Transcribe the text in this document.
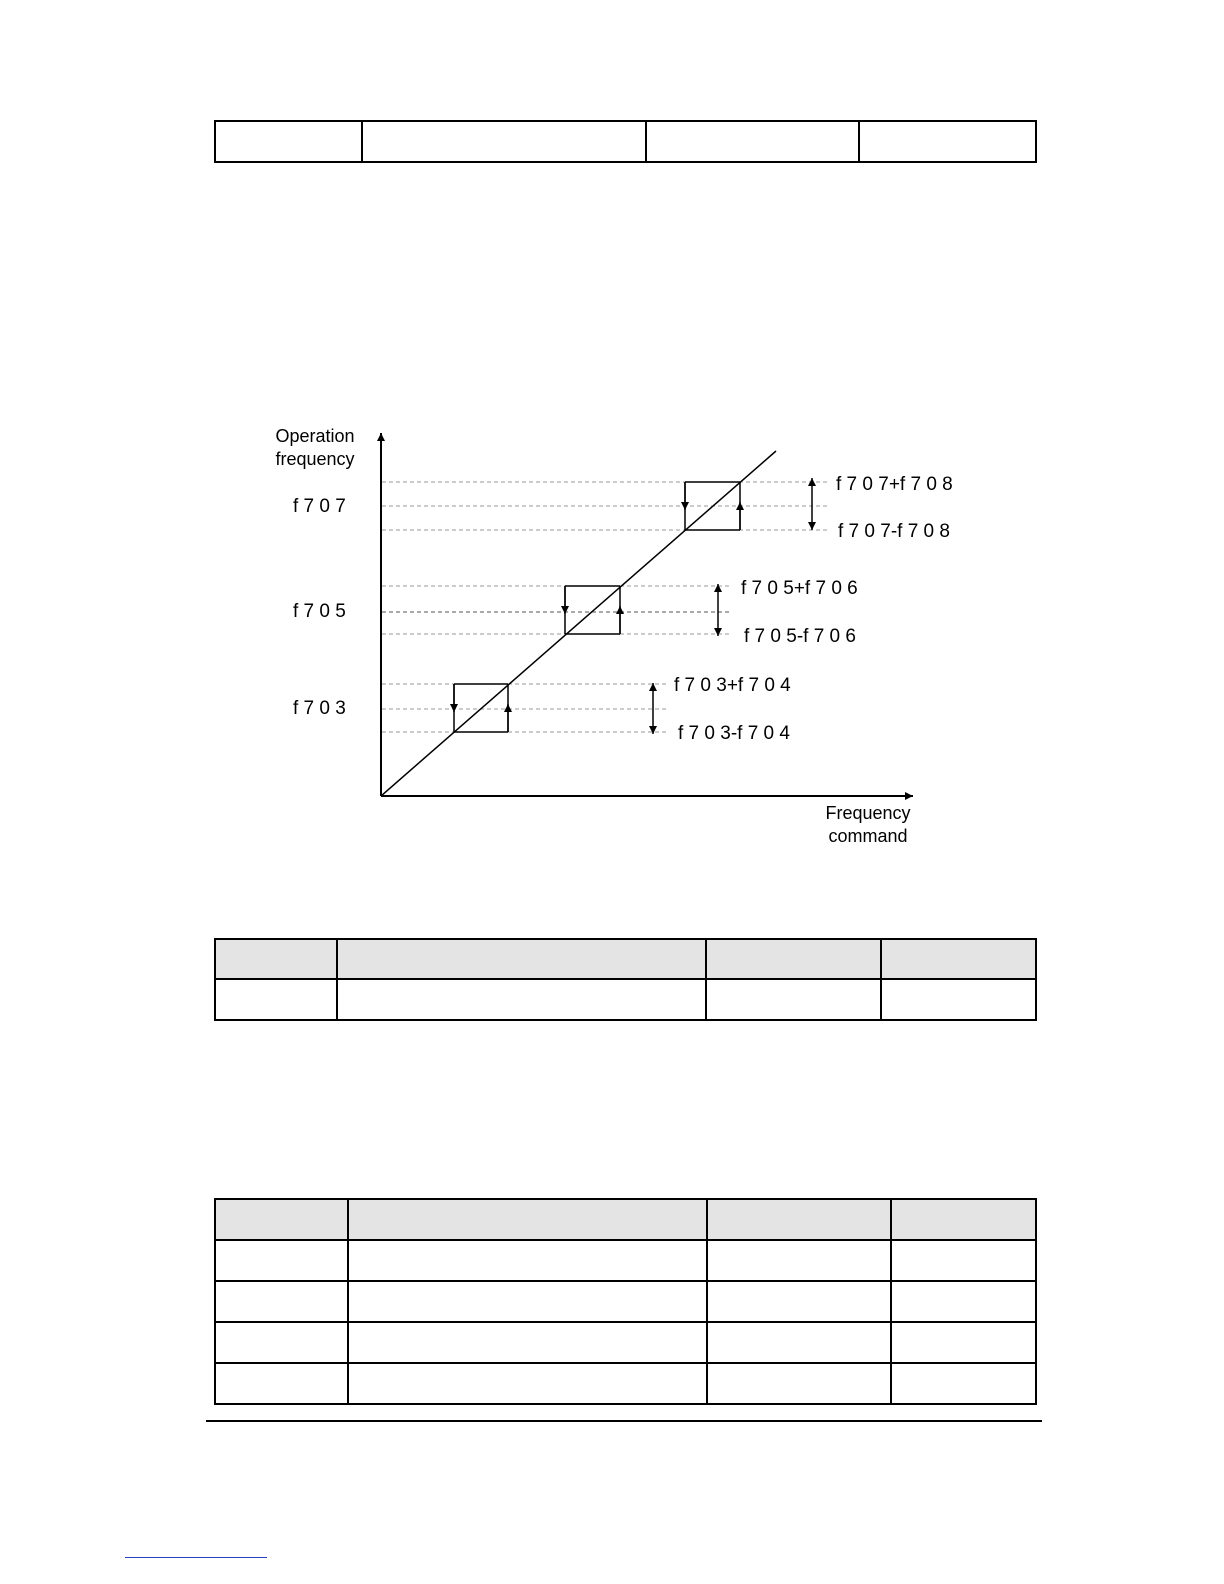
Operation
frequency
Frequency
command
f 7 0 7
f 7 0 5
f 7 0 3
f 7 0 7+f 7 0 8
f 7 0 7-f 7 0 8
f 7 0 5+f 7 0 6
f 7 0 5-f 7 0 6
f 7 0 3+f 7 0 4
f 7 0 3-f 7 0 4
